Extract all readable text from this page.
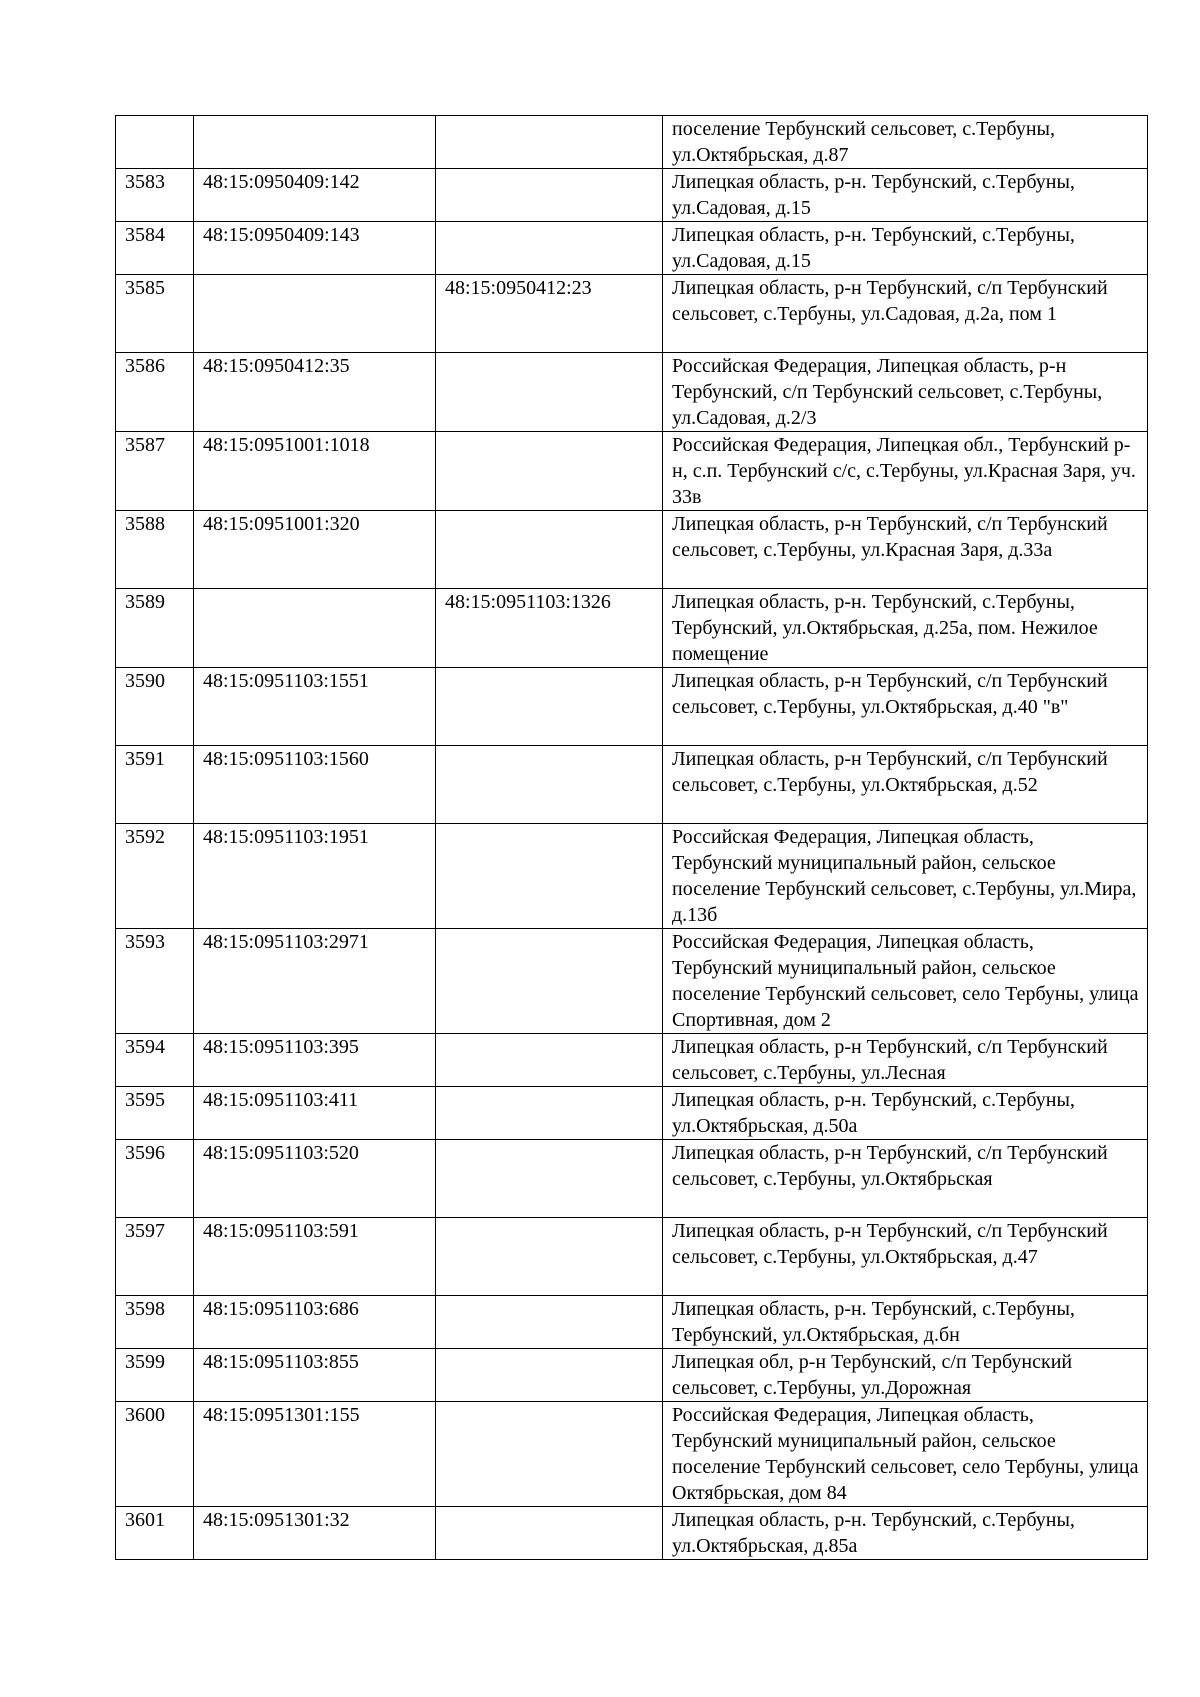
			поселение Тербунский сельсовет, с.Тербуны, ул.Октябрьская, д.87
3583	48:15:0950409:142		Липецкая область, р-н. Тербунский, с.Тербуны, ул.Садовая, д.15
3584	48:15:0950409:143		Липецкая область, р-н. Тербунский, с.Тербуны, ул.Садовая, д.15
3585		48:15:0950412:23	Липецкая область, р-н Тербунский, с/п Тербунский сельсовет, с.Тербуны, ул.Садовая, д.2а, пом 1
3586	48:15:0950412:35		Российская Федерация, Липецкая область, р-н Тербунский, с/п Тербунский сельсовет, с.Тербуны, ул.Садовая, д.2/3
3587	48:15:0951001:1018		Российская Федерация, Липецкая обл., Тербунский р-н, с.п. Тербунский с/с, с.Тербуны, ул.Красная Заря, уч. 33в
3588	48:15:0951001:320		Липецкая область, р-н Тербунский, с/п Тербунский сельсовет, с.Тербуны, ул.Красная Заря, д.33а
3589		48:15:0951103:1326	Липецкая область, р-н. Тербунский, с.Тербуны, Тербунский, ул.Октябрьская, д.25а, пом. Нежилое помещение
3590	48:15:0951103:1551		Липецкая область, р-н Тербунский, с/п Тербунский сельсовет, с.Тербуны, ул.Октябрьская, д.40 "в"
3591	48:15:0951103:1560		Липецкая область, р-н Тербунский, с/п Тербунский сельсовет, с.Тербуны, ул.Октябрьская, д.52
3592	48:15:0951103:1951		Российская Федерация, Липецкая область, Тербунский муниципальный район, сельское поселение Тербунский сельсовет, с.Тербуны, ул.Мира, д.13б
3593	48:15:0951103:2971		Российская Федерация, Липецкая область, Тербунский муниципальный район, сельское поселение Тербунский сельсовет, село Тербуны, улица Спортивная, дом 2
3594	48:15:0951103:395		Липецкая область, р-н Тербунский, с/п Тербунский сельсовет, с.Тербуны, ул.Лесная
3595	48:15:0951103:411		Липецкая область, р-н. Тербунский, с.Тербуны, ул.Октябрьская, д.50а
3596	48:15:0951103:520		Липецкая область, р-н Тербунский, с/п Тербунский сельсовет, с.Тербуны, ул.Октябрьская
3597	48:15:0951103:591		Липецкая область, р-н Тербунский, с/п Тербунский сельсовет, с.Тербуны, ул.Октябрьская, д.47
3598	48:15:0951103:686		Липецкая область, р-н. Тербунский, с.Тербуны, Тербунский, ул.Октябрьская, д.бн
3599	48:15:0951103:855		Липецкая обл, р-н Тербунский, с/п Тербунский сельсовет, с.Тербуны, ул.Дорожная
3600	48:15:0951301:155		Российская Федерация, Липецкая область, Тербунский муниципальный район, сельское поселение Тербунский сельсовет, село Тербуны, улица Октябрьская, дом 84
3601	48:15:0951301:32		Липецкая область, р-н. Тербунский, с.Тербуны, ул.Октябрьская, д.85а
